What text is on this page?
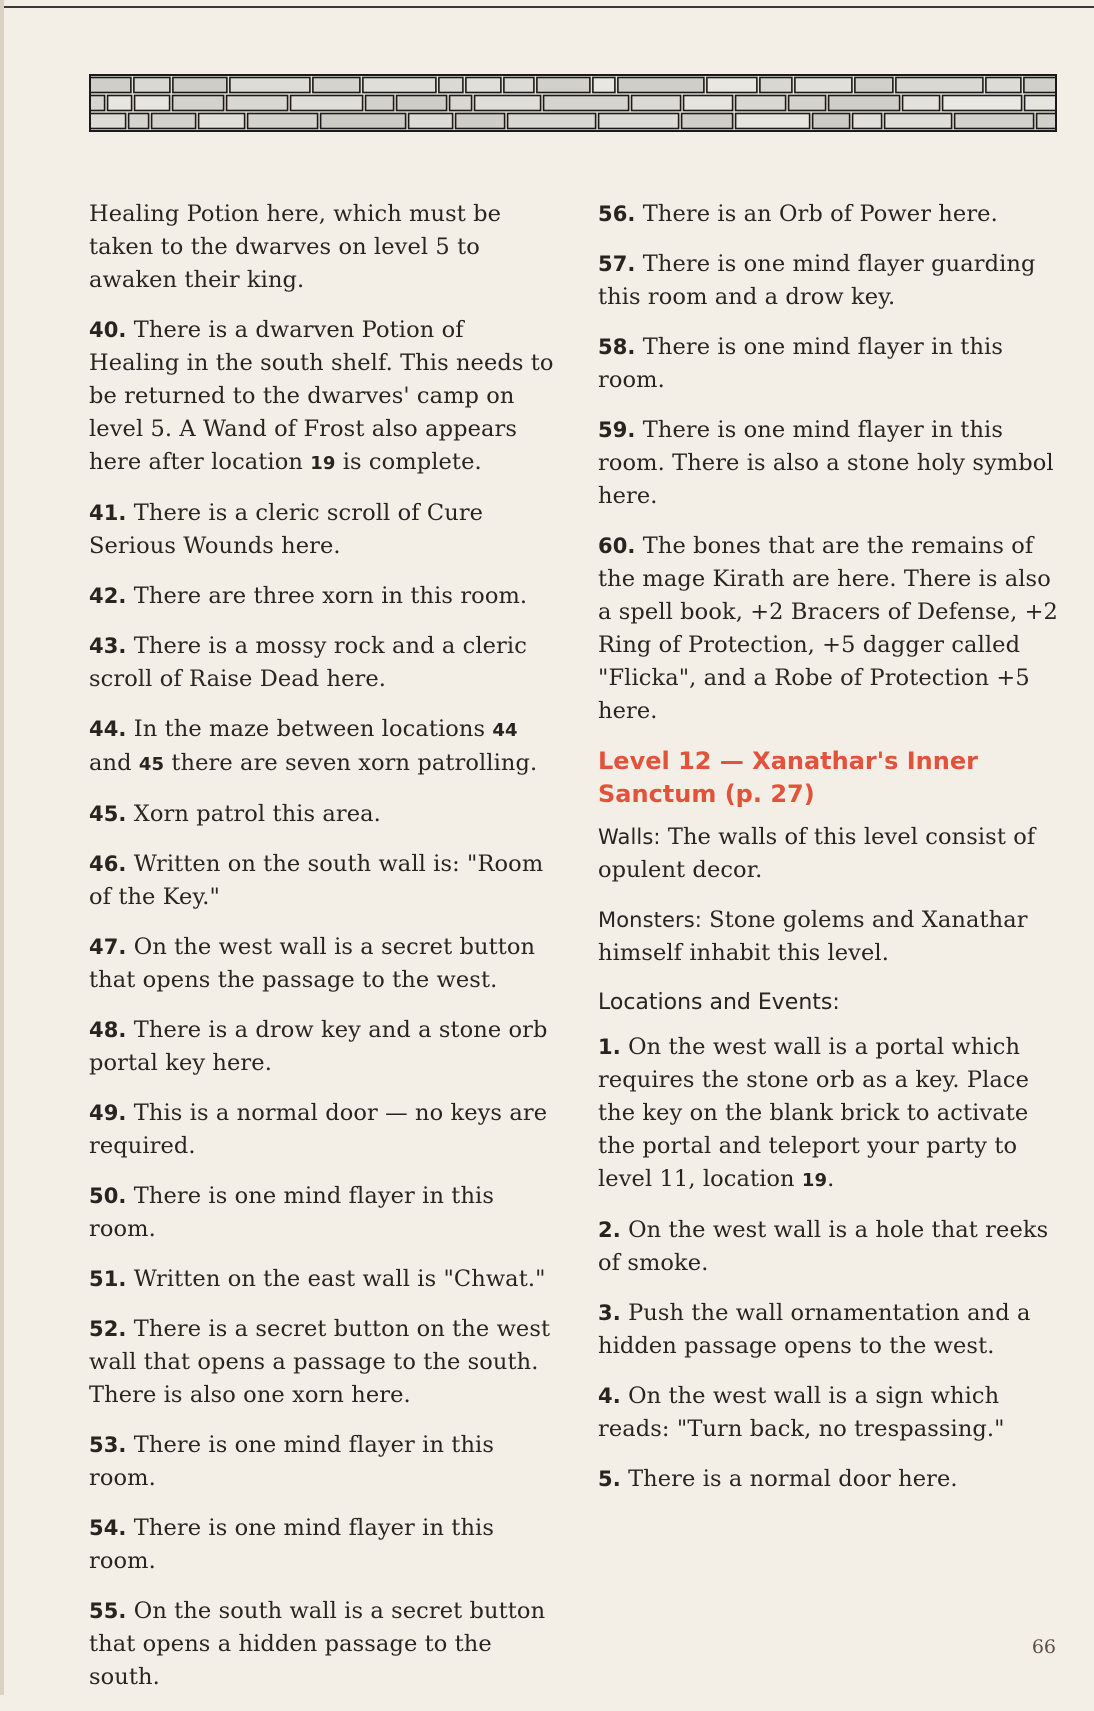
Healing Potion here, which must be taken to the dwarves on level 5 to awaken their king.

40. There is a dwarven Potion of Healing in the south shelf. This needs to be returned to the dwarves' camp on level 5. A Wand of Frost also appears here after location 19 is complete.

41. There is a cleric scroll of Cure Serious Wounds here.

42. There are three xorn in this room.

43. There is a mossy rock and a cleric scroll of Raise Dead here.

44. In the maze between locations 44 and 45 there are seven xorn patrolling.

45. Xorn patrol this area.

46. Written on the south wall is: "Room of the Key."

47. On the west wall is a secret button that opens the passage to the west.

48. There is a drow key and a stone orb portal key here.

49. This is a normal door — no keys are required.

50. There is one mind flayer in this room.

51. Written on the east wall is "Chwat."

52. There is a secret button on the west wall that opens a passage to the south. There is also one xorn here.

53. There is one mind flayer in this room.

54. There is one mind flayer in this room.

55. On the south wall is a secret button that opens a hidden passage to the south.

56. There is an Orb of Power here.

57. There is one mind flayer guarding this room and a drow key.

58. There is one mind flayer in this room.

59. There is one mind flayer in this room. There is also a stone holy symbol here.

60. The bones that are the remains of the mage Kirath are here. There is also a spell book, +2 Bracers of Defense, +2 Ring of Protection, +5 dagger called "Flicka", and a Robe of Protection +5 here.

Level 12 — Xanathar's Inner Sanctum (p. 27)

Walls: The walls of this level consist of opulent decor.

Monsters: Stone golems and Xanathar himself inhabit this level.

Locations and Events:

1. On the west wall is a portal which requires the stone orb as a key. Place the key on the blank brick to activate the portal and teleport your party to level 11, location 19.

2. On the west wall is a hole that reeks of smoke.

3. Push the wall ornamentation and a hidden passage opens to the west.

4. On the west wall is a sign which reads: "Turn back, no trespassing."

5. There is a normal door here.

66
